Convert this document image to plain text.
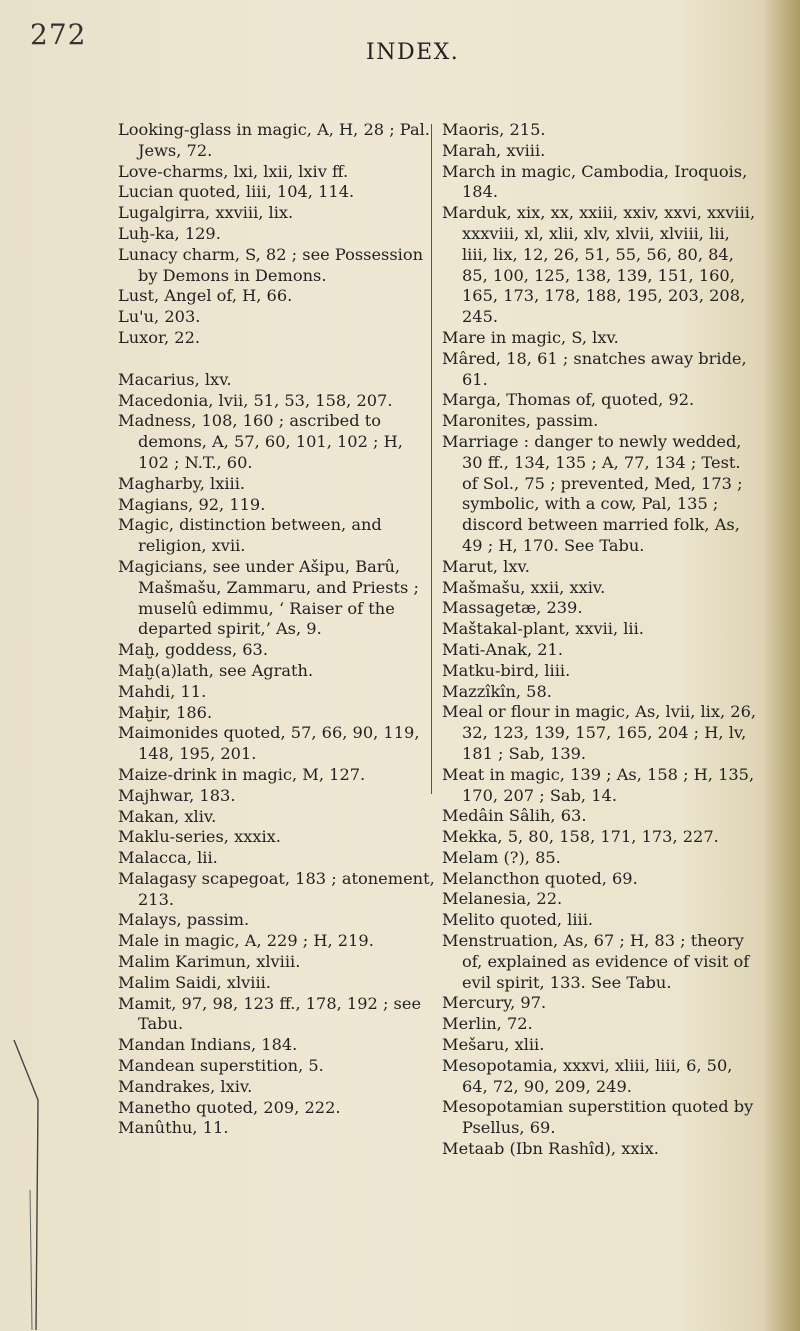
272
INDEX.

Looking-glass in magic, A, H, 28 ; Pal. Jews, 72.

Love-charms, lxi, lxii, lxiv ff.

Lucian quoted, liii, 104, 114.

Lugalgirra, xxviii, lix.

Luḫ-ka, 129.

Lunacy charm, S, 82 ; see Possession by Demons in Demons.

Lust, Angel of, H, 66.

Lu'u, 203.

Luxor, 22.

Macarius, lxv.

Macedonia, lvii, 51, 53, 158, 207.

Madness, 108, 160 ; ascribed to demons, A, 57, 60, 101, 102 ; H, 102 ; N.T., 60.

Magharby, lxiii.

Magians, 92, 119.

Magic, distinction between, and religion, xvii.

Magicians, see under Ašipu, Barû, Mašmašu, Zammaru, and Priests ; muselû edimmu, ‘ Raiser of the departed spirit,’ As, 9.

Maḫ, goddess, 63.

Maḫ(a)lath, see Agrath.

Mahdi, 11.

Maḫir, 186.

Maimonides quoted, 57, 66, 90, 119, 148, 195, 201.

Maize-drink in magic, M, 127.

Majhwar, 183.

Makan, xliv.

Maklu-series, xxxix.

Malacca, lii.

Malagasy scapegoat, 183 ; atonement, 213.

Malays, passim.

Male in magic, A, 229 ; H, 219.

Malim Karimun, xlviii.

Malim Saidi, xlviii.

Mamit, 97, 98, 123 ff., 178, 192 ; see Tabu.

Mandan Indians, 184.

Mandean superstition, 5.

Mandrakes, lxiv.

Manetho quoted, 209, 222.

Manûthu, 11.

Maoris, 215.

Marah, xviii.

March in magic, Cambodia, Iroquois, 184.

Marduk, xix, xx, xxiii, xxiv, xxvi, xxviii, xxxviii, xl, xlii, xlv, xlvii, xlviii, lii, liii, lix, 12, 26, 51, 55, 56, 80, 84, 85, 100, 125, 138, 139, 151, 160, 165, 173, 178, 188, 195, 203, 208, 245.

Mare in magic, S, lxv.

Mâred, 18, 61 ; snatches away bride, 61.

Marga, Thomas of, quoted, 92.

Maronites, passim.

Marriage : danger to newly wedded, 30 ff., 134, 135 ; A, 77, 134 ; Test. of Sol., 75 ; prevented, Med, 173 ; symbolic, with a cow, Pal, 135 ; discord between married folk, As, 49 ; H, 170. See Tabu.

Marut, lxv.

Mašmašu, xxii, xxiv.

Massagetæ, 239.

Maštakal-plant, xxvii, lii.

Mati-Anak, 21.

Matku-bird, liii.

Mazzîkîn, 58.

Meal or flour in magic, As, lvii, lix, 26, 32, 123, 139, 157, 165, 204 ; H, lv, 181 ; Sab, 139.

Meat in magic, 139 ; As, 158 ; H, 135, 170, 207 ; Sab, 14.

Medâin Sâlih, 63.

Mekka, 5, 80, 158, 171, 173, 227.

Melam (?), 85.

Melancthon quoted, 69.

Melanesia, 22.

Melito quoted, liii.

Menstruation, As, 67 ; H, 83 ; theory of, explained as evidence of visit of evil spirit, 133. See Tabu.

Mercury, 97.

Merlin, 72.

Mešaru, xlii.

Mesopotamia, xxxvi, xliii, liii, 6, 50, 64, 72, 90, 209, 249.

Mesopotamian superstition quoted by Psellus, 69.

Metaab (Ibn Rashîd), xxix.
